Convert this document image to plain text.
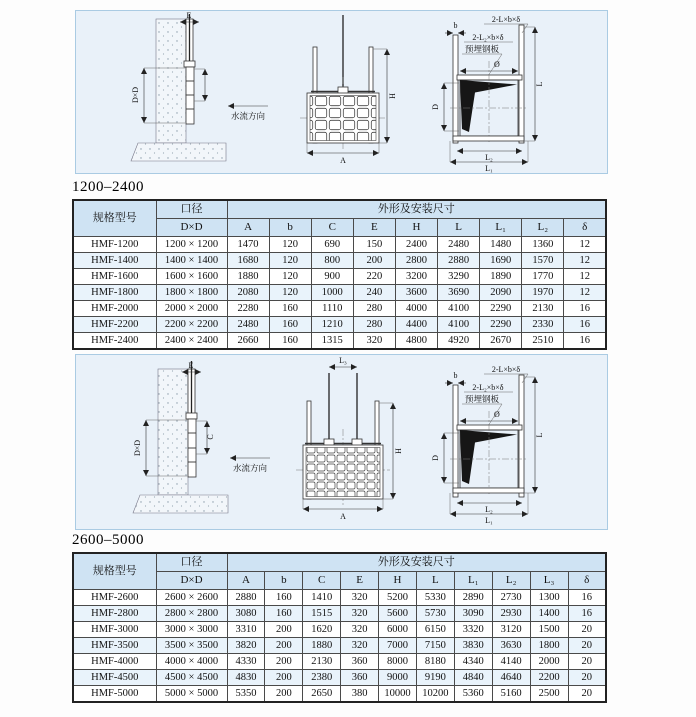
E
D×D
水流方向
H
A
b
2-L×b×δ
2-L₂×b×δ
预埋钢板
Ø
D
L
L₂
L₁
1200–2400
规格型号	口径	外形及安装尺寸								
	D×D	A	b	C	E	H	L	L₁	L₂	δ
HMF-1200	1200 × 1200	1470	120	690	150	2400	2480	1480	1360	12
HMF-1400	1400 × 1400	1680	120	800	200	2800	2880	1690	1570	12
HMF-1600	1600 × 1600	1880	120	900	220	3200	3290	1890	1770	12
HMF-1800	1800 × 1800	2080	120	1000	240	3600	3690	2090	1970	12
HMF-2000	2000 × 2000	2280	160	1110	280	4000	4100	2290	2130	16
HMF-2200	2200 × 2200	2480	160	1210	280	4400	4100	2290	2330	16
HMF-2400	2400 × 2400	2660	160	1315	320	4800	4920	2670	2510	16
E
D×D
C
水流方向
L₃
H
A
b
2-L×b×δ
2-L₂×b×δ
预埋钢板
Ø
D
L
L₂
L₁
2600–5000
规格型号	口径	外形及安装尺寸									
	D×D	A	b	C	E	H	L	L₁	L₂	L₃	δ
HMF-2600	2600 × 2600	2880	160	1410	320	5200	5330	2890	2730	1300	16
HMF-2800	2800 × 2800	3080	160	1515	320	5600	5730	3090	2930	1400	16
HMF-3000	3000 × 3000	3310	200	1620	320	6000	6150	3320	3120	1500	20
HMF-3500	3500 × 3500	3820	200	1880	320	7000	7150	3830	3630	1800	20
HMF-4000	4000 × 4000	4330	200	2130	360	8000	8180	4340	4140	2000	20
HMF-4500	4500 × 4500	4830	200	2380	360	9000	9190	4840	4640	2200	20
HMF-5000	5000 × 5000	5350	200	2650	380	10000	10200	5360	5160	2500	20
